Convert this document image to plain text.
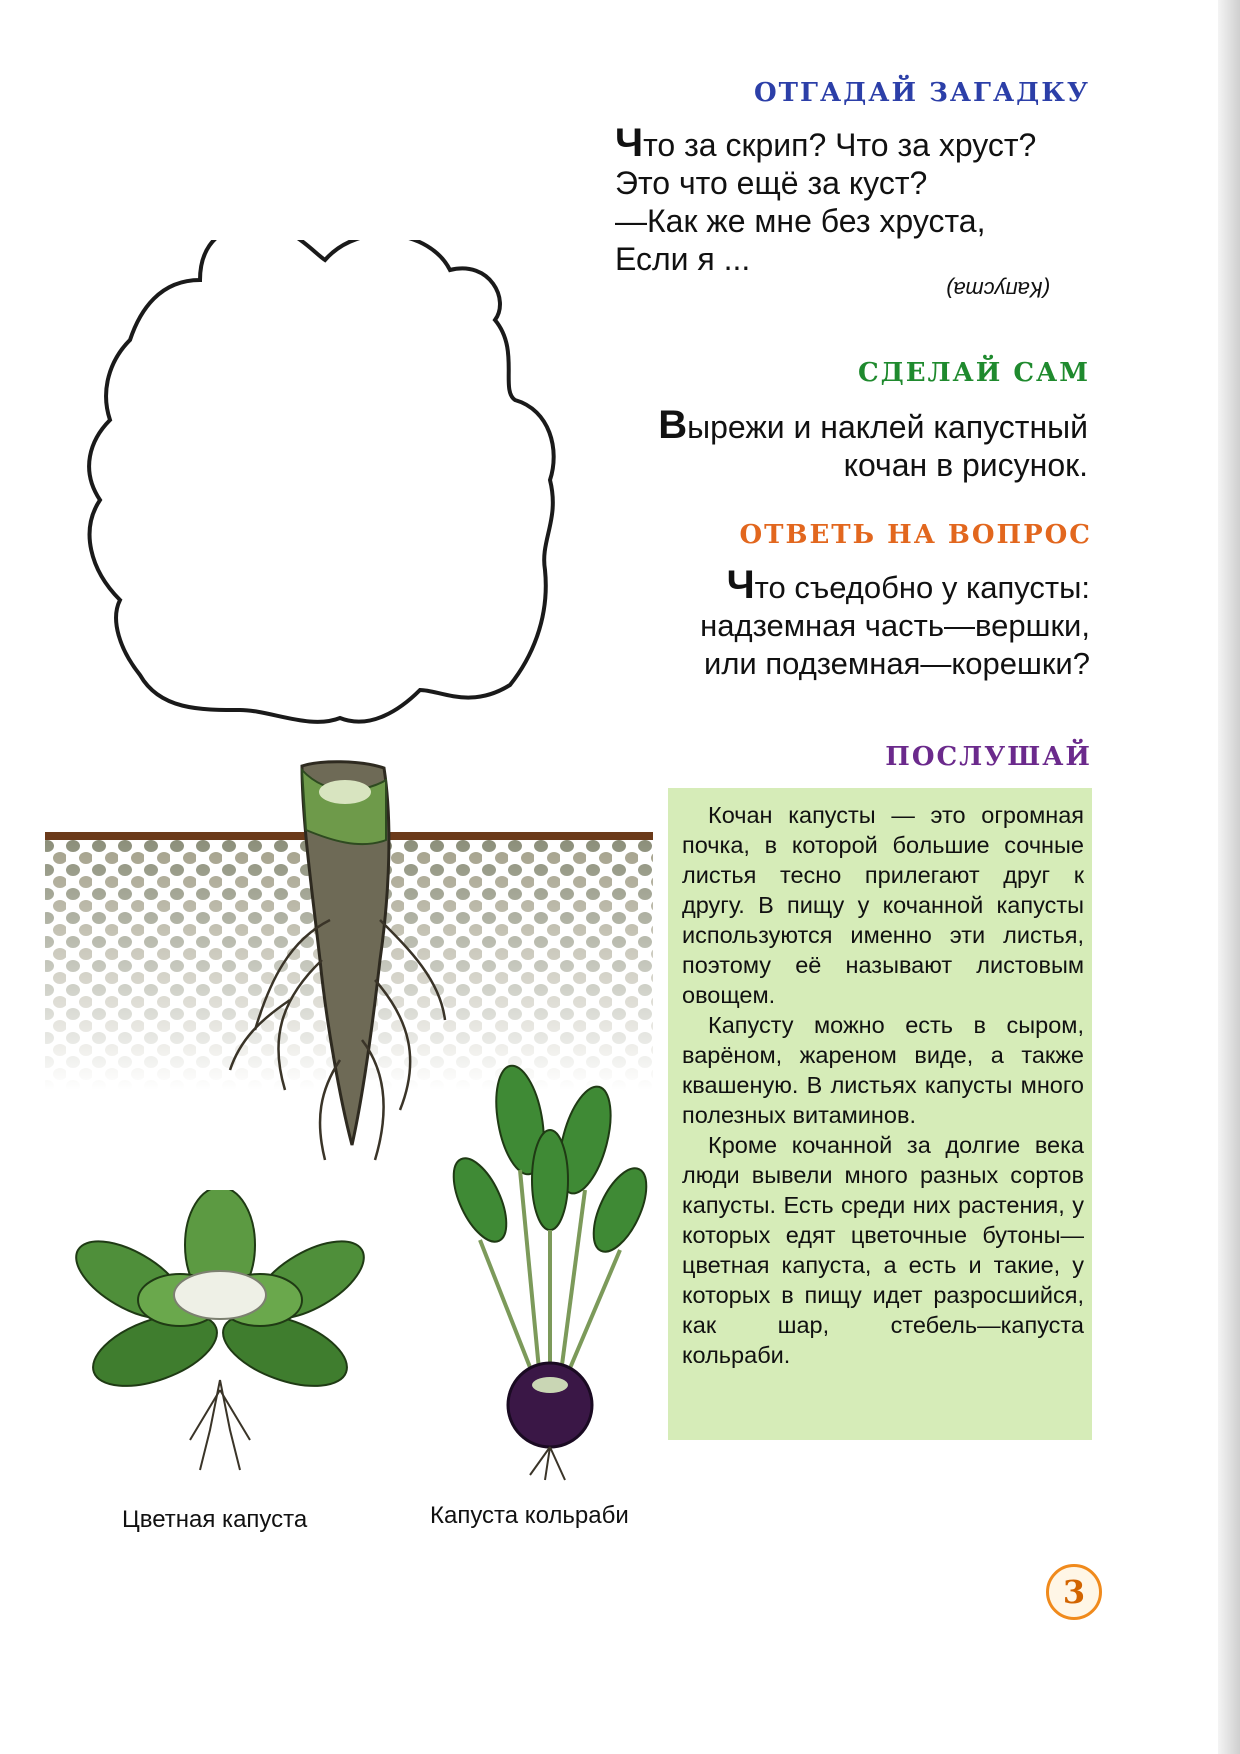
ОТГАДАЙ ЗАГАДКУ
Что за скрип? Что за хруст?
Это что ещё за куст?
—Как же мне без хруста,
Если я ...
(Капуста)
СДЕЛАЙ САМ
Вырежи и наклей капустный
кочан в рисунок.
ОТВЕТЬ НА ВОПРОС
Что съедобно у капусты:
надземная часть—вершки,
или подземная—корешки?
ПОСЛУШАЙ

Кочан капусты — это огромная почка, в которой большие сочные листья тесно прилегают друг к другу. В пищу у кочанной капусты используются именно эти листья, поэтому её называют листовым овощем.

Капусту можно есть в сыром, варёном, жареном виде, а также квашеную. В листьях капусты много полезных витаминов.

Кроме кочанной за долгие века люди вывели много разных сортов капусты. Есть среди них растения, у которых едят цветочные бутоны—цветная капуста, а есть и такие, у которых в пищу идет разросшийся, как шар, стебель—капуста кольраби.

Цветная капуста	Капуста кольраби
3
